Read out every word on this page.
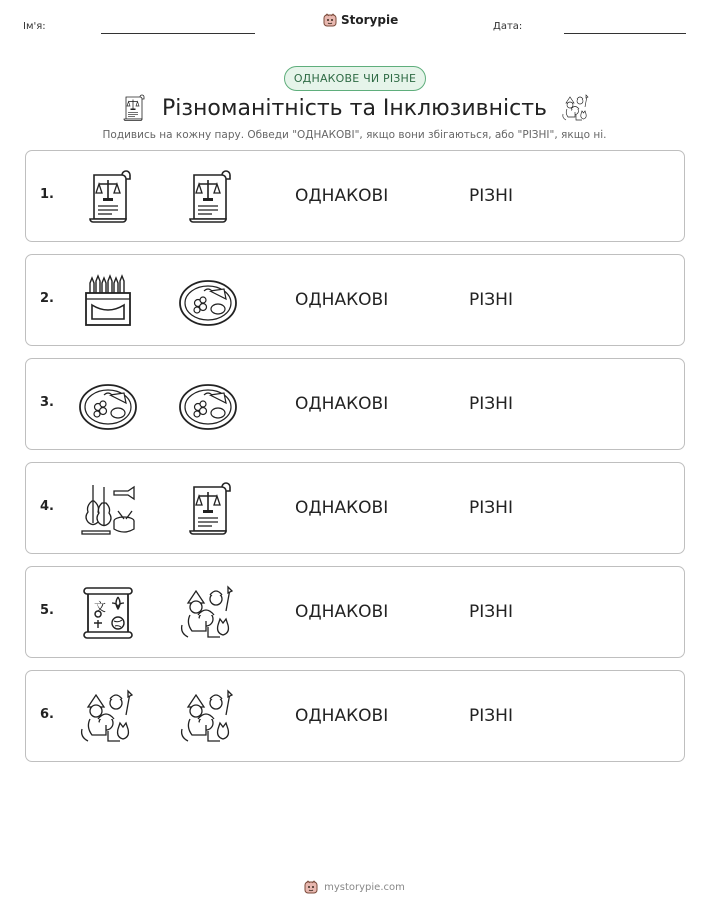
Ім'я:	Storypie	Дата:
ОДНАКОВЕ ЧИ РІЗНЕ
Різноманітність та Інклюзивність
Подивись на кожну пару. Обведи "ОДНАКОВІ", якщо вони збігаються, або "РІЗНІ", якщо ні.
1.	ОДНАКОВІ	РІЗНІ
2.	ОДНАКОВІ	РІЗНІ
3.	ОДНАКОВІ	РІЗНІ
4.	ОДНАКОВІ	РІЗНІ
5.	ОДНАКОВІ	РІЗНІ
6.	ОДНАКОВІ	РІЗНІ
mystorypie.com
